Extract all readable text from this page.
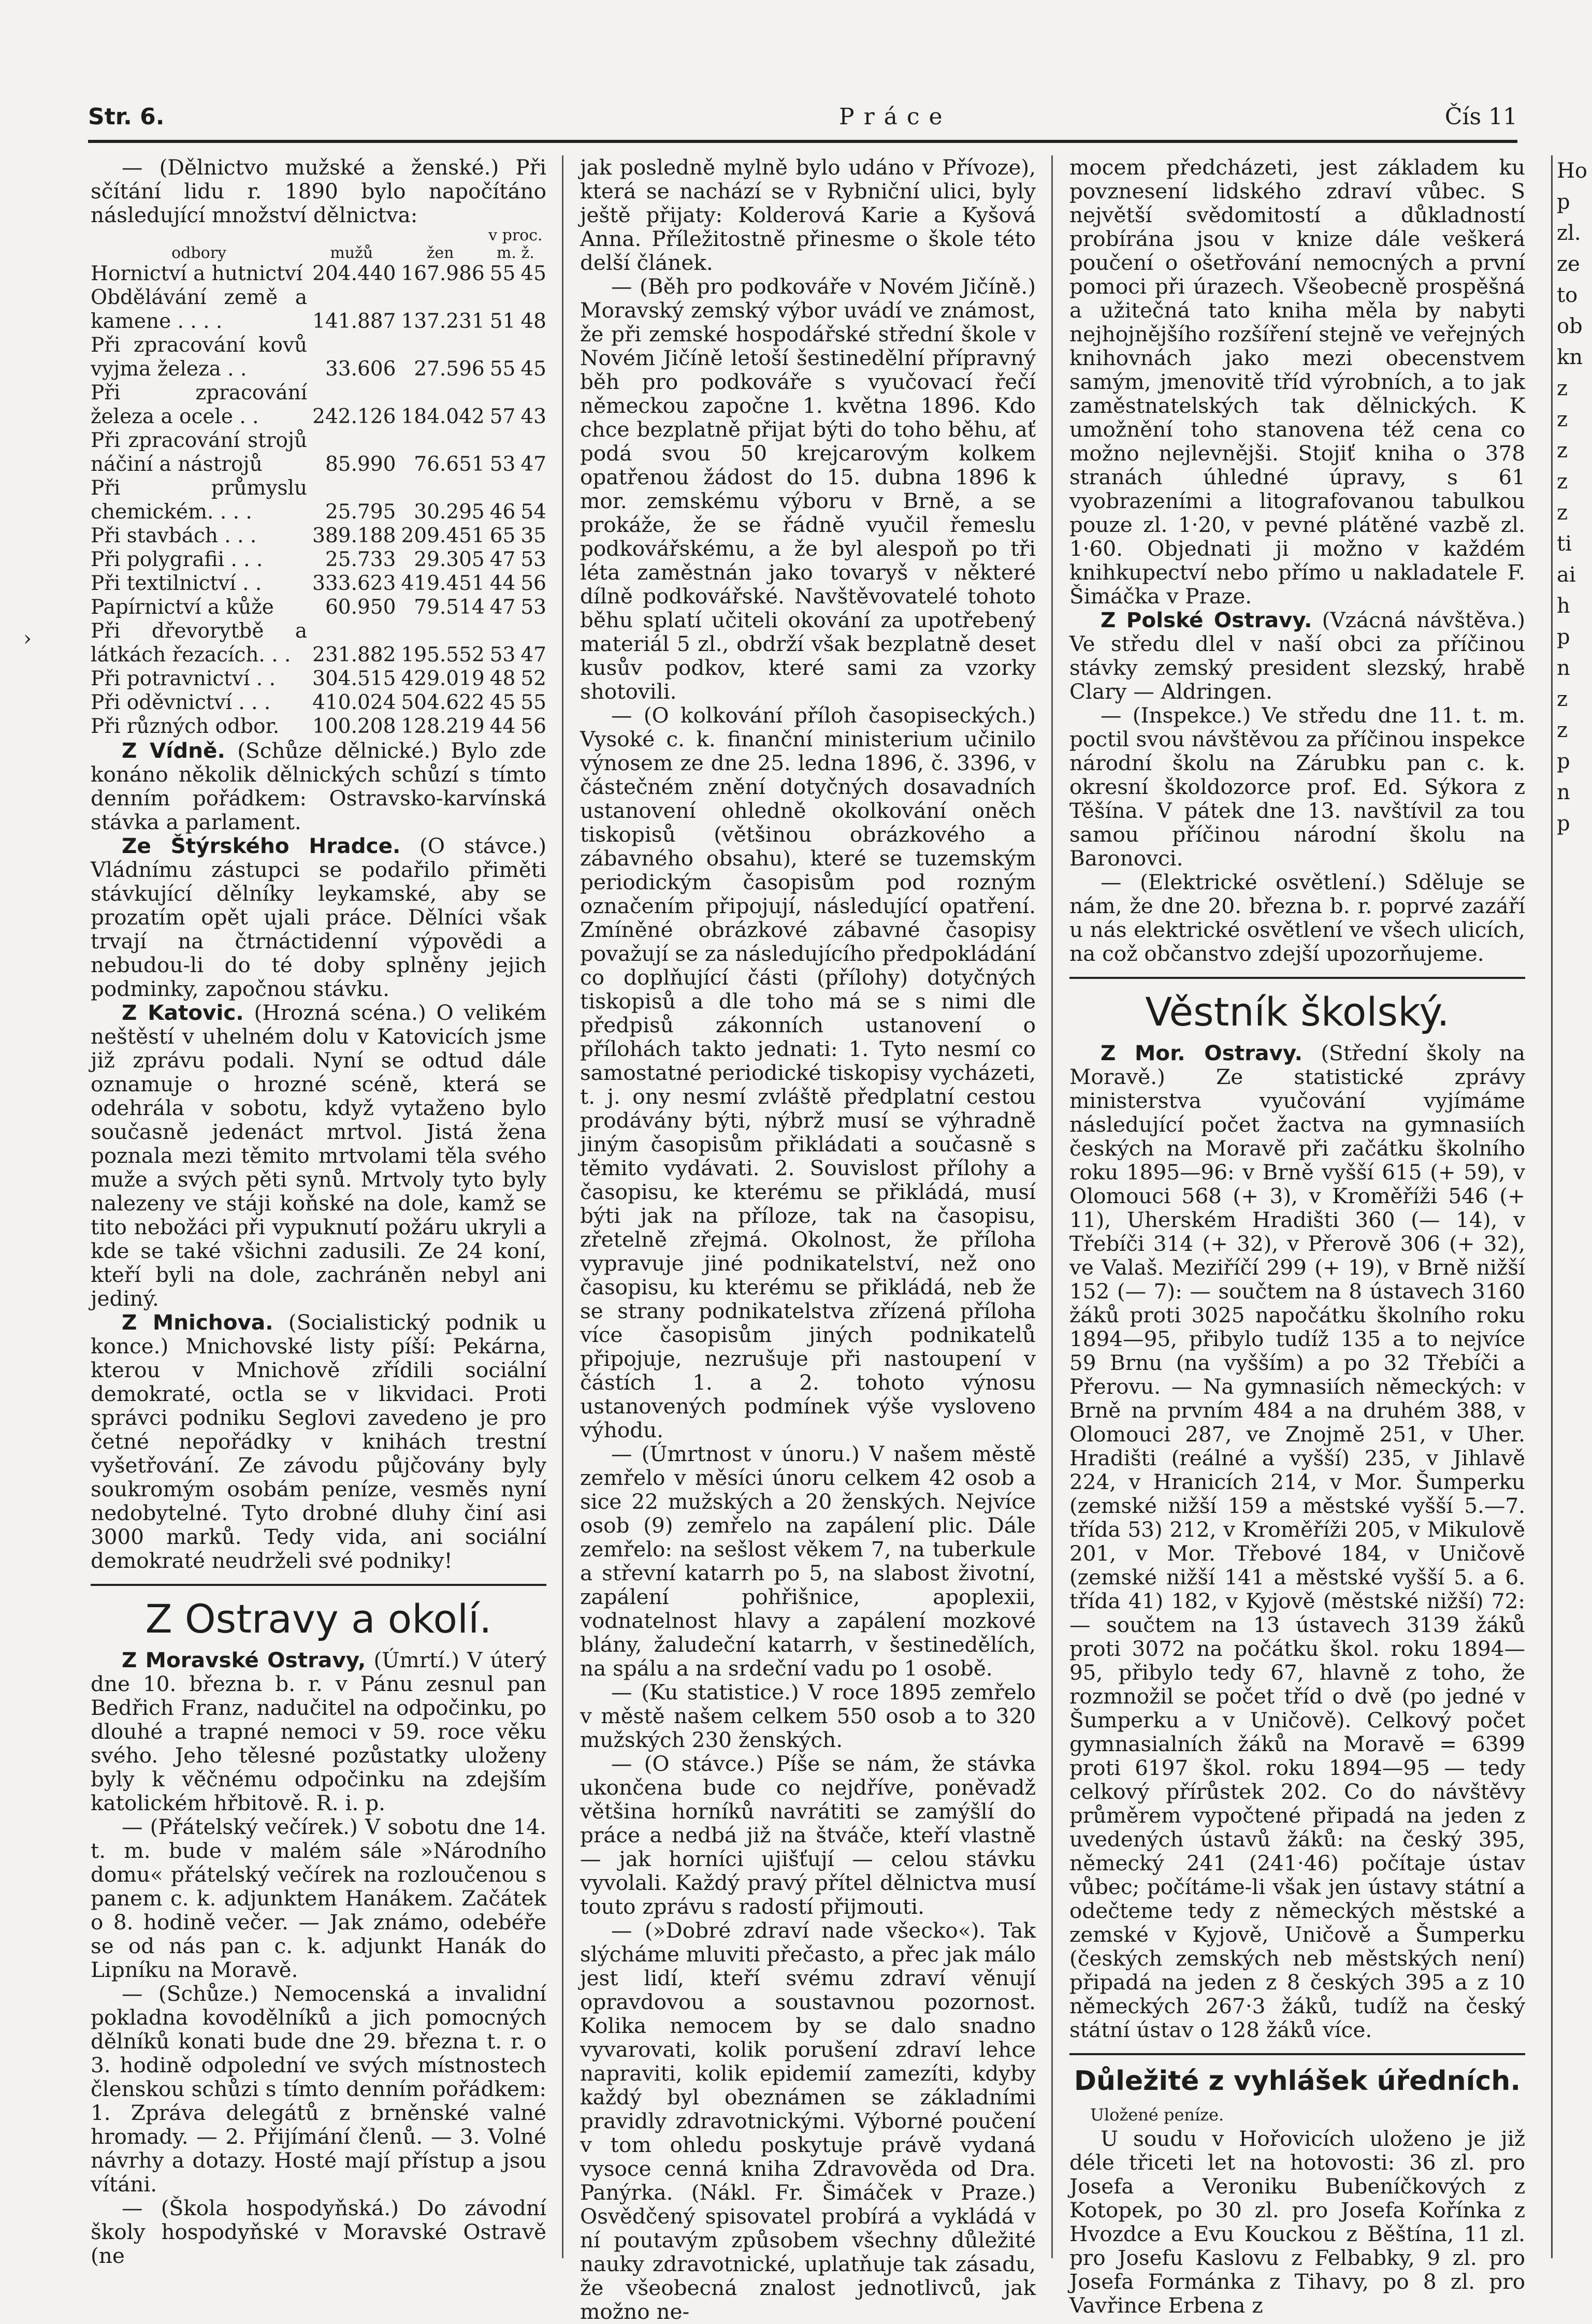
Str. 6.	Práce	Čís 11
›

— (Dělnictvo mužské a ženské.) Při sčítání lidu r. 1890 bylo napočítáno následující množství dělnictva:

odbory	mužů	žen	v proc.
m. ž.	
Hornictví a hutnictví	204.440	167.986	55	45
Obdělávání země a kamene . . . .	141.887	137.231	51	48
Při zpracování kovů vyjma železa . .	33.606	27.596	55	45
Při zpracování železa a ocele . .	242.126	184.042	57	43
Při zpracování strojů náčiní a nástrojů	85.990	76.651	53	47
Při průmyslu chemickém. . . .	25.795	30.295	46	54
Při stavbách . . .	389.188	209.451	65	35
Při polygrafii . . .	25.733	29.305	47	53
Při textilnictví . .	333.623	419.451	44	56
Papírnictví a kůže	60.950	79.514	47	53
Při dřevorytbě a látkách řezacích. . .	231.882	195.552	53	47
Při potravnictví . .	304.515	429.019	48	52
Při oděvnictví . . .	410.024	504.622	45	55
Při různých odbor.	100.208	128.219	44	56

Z Vídně. (Schůze dělnické.) Bylo zde konáno několik dělnických schůzí s tímto denním pořádkem: Ostravsko-karvínská stávka a parlament.

Ze Štýrského Hradce. (O stávce.) Vládnímu zástupci se podařilo přiměti stávkující dělníky leykamské, aby se prozatím opět ujali práce. Dělníci však trvají na čtrnáctidenní výpovědi a nebudou-li do té doby splněny jejich podminky, započnou stávku.

Z Katovic. (Hrozná scéna.) O velikém neštěstí v uhelném dolu v Katovicích jsme již zprávu podali. Nyní se odtud dále oznamuje o hrozné scéně, která se odehrála v sobotu, když vytaženo bylo současně jedenáct mrtvol. Jistá žena poznala mezi těmito mrtvolami těla svého muže a svých pěti synů. Mrtvoly tyto byly nalezeny ve stáji koňské na dole, kamž se tito nebožáci při vypuknutí požáru ukryli a kde se také všichni zadusili. Ze 24 koní, kteří byli na dole, zachráněn nebyl ani jediný.

Z Mnichova. (Socialistický podnik u konce.) Mnichovské listy píší: Pekárna, kterou v Mnichově zřídili sociální demokraté, octla se v likvidaci. Proti správci podniku Seglovi zavedeno je pro četné nepořádky v knihách trestní vyšetřování. Ze závodu půjčovány byly soukromým osobám peníze, vesměs nyní nedobytelné. Tyto drobné dluhy činí asi 3000 marků. Tedy vida, ani sociální demokraté neudrželi své podniky!

Z Ostravy a okolí.

Z Moravské Ostravy, (Úmrtí.) V úterý dne 10. března b. r. v Pánu zesnul pan Bedřich Franz, nadučitel na odpočinku, po dlouhé a trapné nemoci v 59. roce věku svého. Jeho tělesné pozůstatky uloženy byly k věčnému odpočinku na zdejším katolickém hřbitově. R. i. p.

— (Přátelský večírek.) V sobotu dne 14. t. m. bude v malém sále »Národního domu« přátelský večírek na rozloučenou s panem c. k. adjunktem Hanákem. Začátek o 8. hodině večer. — Jak známo, odebéře se od nás pan c. k. adjunkt Hanák do Lipníku na Moravě.

— (Schůze.) Nemocenská a invalidní pokladna kovodělníků a jich pomocných dělníků konati bude dne 29. března t. r. o 3. hodině odpolední ve svých místnostech členskou schůzi s tímto denním pořádkem: 1. Zpráva delegátů z brněnské valné hromady. — 2. Přijímání členů. — 3. Volné návrhy a dotazy. Hosté mají přístup a jsou vítáni.

— (Škola hospodyňská.) Do závodní školy hospodyňské v Moravské Ostravě (ne

jak posledně mylně bylo udáno v Přívoze), která se nachází se v Rybniční ulici, byly ještě přijaty: Kolderová Karie a Kyšová Anna. Příležitostně přinesme o škole této delší článek.

— (Běh pro podkováře v Novém Jičíně.) Moravský zemský výbor uvádí ve známost, že při zemské hospodářské střední škole v Novém Jičíně letoší šestinedělní přípravný běh pro podkováře s vyučovací řečí německou započne 1. května 1896. Kdo chce bezplatně přijat býti do toho běhu, ať podá svou 50 krejcarovým kolkem opatřenou žádost do 15. dubna 1896 k mor. zemskému výboru v Brně, a se prokáže, že se řádně vyučil řemeslu podkovářskému, a že byl alespoň po tři léta zaměstnán jako tovaryš v některé dílně podkovářské. Navštěvovatelé tohoto běhu splatí učiteli okování za upotřebený materiál 5 zl., obdrží však bezplatně deset kusův podkov, které sami za vzorky shotovili.

— (O kolkování příloh časopiseckých.) Vysoké c. k. finanční ministerium učinilo výnosem ze dne 25. ledna 1896, č. 3396, v částečném znění dotyčných dosavadních ustanovení ohledně okolkování oněch tiskopisů (většinou obrázkového a zábavného obsahu), které se tuzemským periodickým časopisům pod rozným označením připojují, následující opatření. Zmíněné obrázkové zábavné časopisy považují se za následujícího předpokládání co doplňující části (přílohy) dotyčných tiskopisů a dle toho má se s nimi dle předpisů zákonních ustanovení o přílohách takto jednati: 1. Tyto nesmí co samostatné periodické tiskopisy vycházeti, t. j. ony nesmí zvláště předplatní cestou prodávány býti, nýbrž musí se výhradně jiným časopisům přikládati a současně s těmito vydávati. 2. Souvislost přílohy a časopisu, ke kterému se přikládá, musí býti jak na příloze, tak na časopisu, zřetelně zřejmá. Okolnost, že příloha vypravuje jiné podnikatelství, než ono časopisu, ku kterému se přikládá, neb že se strany podnikatelstva zřízená příloha více časopisům jiných podnikatelů připojuje, nezrušuje při nastoupení v částích 1. a 2. tohoto výnosu ustanovených podmínek výše vysloveno výhodu.

— (Úmrtnost v únoru.) V našem městě zemřelo v měsíci únoru celkem 42 osob a sice 22 mužských a 20 ženských. Nejvíce osob (9) zemřelo na zapálení plic. Dále zemřelo: na sešlost věkem 7, na tuberkule a střevní katarrh po 5, na slabost životní, zapálení pohřišnice, apoplexii, vodnatelnost hlavy a zapálení mozkové blány, žaludeční katarrh, v šestinedělích, na spálu a na srdeční vadu po 1 osobě.

— (Ku statistice.) V roce 1895 zemřelo v městě našem celkem 550 osob a to 320 mužských 230 ženských.

— (O stávce.) Píše se nám, že stávka ukončena bude co nejdříve, poněvadž většina horníků navrátiti se zamýšlí do práce a nedbá již na štváče, kteří vlastně — jak horníci ujišťují — celou stávku vyvolali. Každý pravý přítel dělnictva musí touto zprávu s radostí přijmouti.

— (»Dobré zdraví nade všecko«). Tak slýcháme mluviti přečasto, a přec jak málo jest lidí, kteří svému zdraví věnují opravdovou a soustavnou pozornost. Kolika nemocem by se dalo snadno vyvarovati, kolik porušení zdraví lehce napraviti, kolik epidemií zamezíti, kdyby každý byl obeznámen se základními pravidly zdravotnickými. Výborné poučení v tom ohledu poskytuje právě vydaná vysoce cenná kniha Zdravověda od Dra. Panýrka. (Nákl. Fr. Šimáček v Praze.) Osvědčený spisovatel probírá a vykládá v ní poutavým způsobem všechny důležité nauky zdravotnické, uplatňuje tak zásadu, že všeobecná znalost jednotlivců, jak možno ne-

mocem předcházeti, jest základem ku povznesení lidského zdraví vůbec. S největší svědomitostí a důkladností probírána jsou v knize dále veškerá poučení o ošetřování nemocných a první pomoci při úrazech. Všeobecně prospěšná a užitečná tato kniha měla by nabyti nejhojnějšího rozšíření stejně ve veřejných knihovnách jako mezi obecenstvem samým, jmenovitě tříd výrobních, a to jak zaměstnatelských tak dělnických. K umožnění toho stanovena též cena co možno nejlevnějši. Stojiť kniha o 378 stranách úhledné úpravy, s 61 vyobrazeními a litografovanou tabulkou pouze zl. 1·20, v pevné plátěné vazbě zl. 1·60. Objednati ji možno v každém knihkupectví nebo přímo u nakladatele F. Šimáčka v Praze.

Z Polské Ostravy. (Vzácná návštěva.) Ve středu dlel v naší obci za příčinou stávky zemský president slezský, hrabě Clary — Aldringen.

— (Inspekce.) Ve středu dne 11. t. m. poctil svou návštěvou za příčinou inspekce národní školu na Zárubku pan c. k. okresní školdozorce prof. Ed. Sýkora z Těšína. V pátek dne 13. navštívil za tou samou příčinou národní školu na Baronovci.

— (Elektrické osvětlení.) Sděluje se nám, že dne 20. března b. r. poprvé zazáří u nás elektrické osvětlení ve všech ulicích, na což občanstvo zdejší upozorňujeme.

Věstník školský.

Z Mor. Ostravy. (Střední školy na Moravě.) Ze statistické zprávy ministerstva vyučování vyjímáme následující počet žactva na gymnasiích českých na Moravě při začátku školního roku 1895—96: v Brně vyšší 615 (+ 59), v Olomouci 568 (+ 3), v Kroměříži 546 (+ 11), Uherském Hradišti 360 (— 14), v Třebíči 314 (+ 32), v Přerově 306 (+ 32), ve Valaš. Meziříčí 299 (+ 19), v Brně nižší 152 (— 7): — součtem na 8 ústavech 3160 žáků proti 3025 napočátku školního roku 1894—95, přibylo tudíž 135 a to nejvíce 59 Brnu (na vyšším) a po 32 Třebíči a Přerovu. — Na gymnasiích německých: v Brně na prvním 484 a na druhém 388, v Olomouci 287, ve Znojmě 251, v Uher. Hradišti (reálné a vyšší) 235, v Jihlavě 224, v Hranicích 214, v Mor. Šumperku (zemské nižší 159 a městské vyšší 5.—7. třída 53) 212, v Kroměříži 205, v Mikulově 201, v Mor. Třebové 184, v Uničově (zemské nižší 141 a městské vyšší 5. a 6. třída 41) 182, v Kyjově (městské nižší) 72: — součtem na 13 ústavech 3139 žáků proti 3072 na počátku škol. roku 1894—95, přibylo tedy 67, hlavně z toho, že rozmnožil se počet tříd o dvě (po jedné v Šumperku a v Uničově). Celkový počet gymnasialních žáků na Moravě = 6399 proti 6197 škol. roku 1894—95 — tedy celkový přírůstek 202. Co do návštěvy průměrem vypočtené připadá na jeden z uvedených ústavů žáků: na český 395, německý 241 (241·46) počítaje ústav vůbec; počítáme-li však jen ústavy státní a odečteme tedy z německých městské a zemské v Kyjově, Uničově a Šumperku (českých zemských neb městských není) připadá na jeden z 8 českých 395 a z 10 německých 267·3 žáků, tudíž na český státní ústav o 128 žáků více.

Důležité z vyhlášek úředních.

Uložené peníze.

U soudu v Hořovicích uloženo je již déle třiceti let na hotovosti: 36 zl. pro Josefa a Veroniku Bubeníčkových z Kotopek, po 30 zl. pro Josefa Kořínka z Hvozdce a Evu Kouckou z Běštína, 11 zl. pro Josefu Kaslovu z Felbabky, 9 zl. pro Josefa Formánka z Tihavy, po 8 zl. pro Vavřince Erbena z

Ho
p
zl.
ze
to
ob
kn
z
z
z
z
z
ti
ai
h
p
n
z
z
p
n
p
